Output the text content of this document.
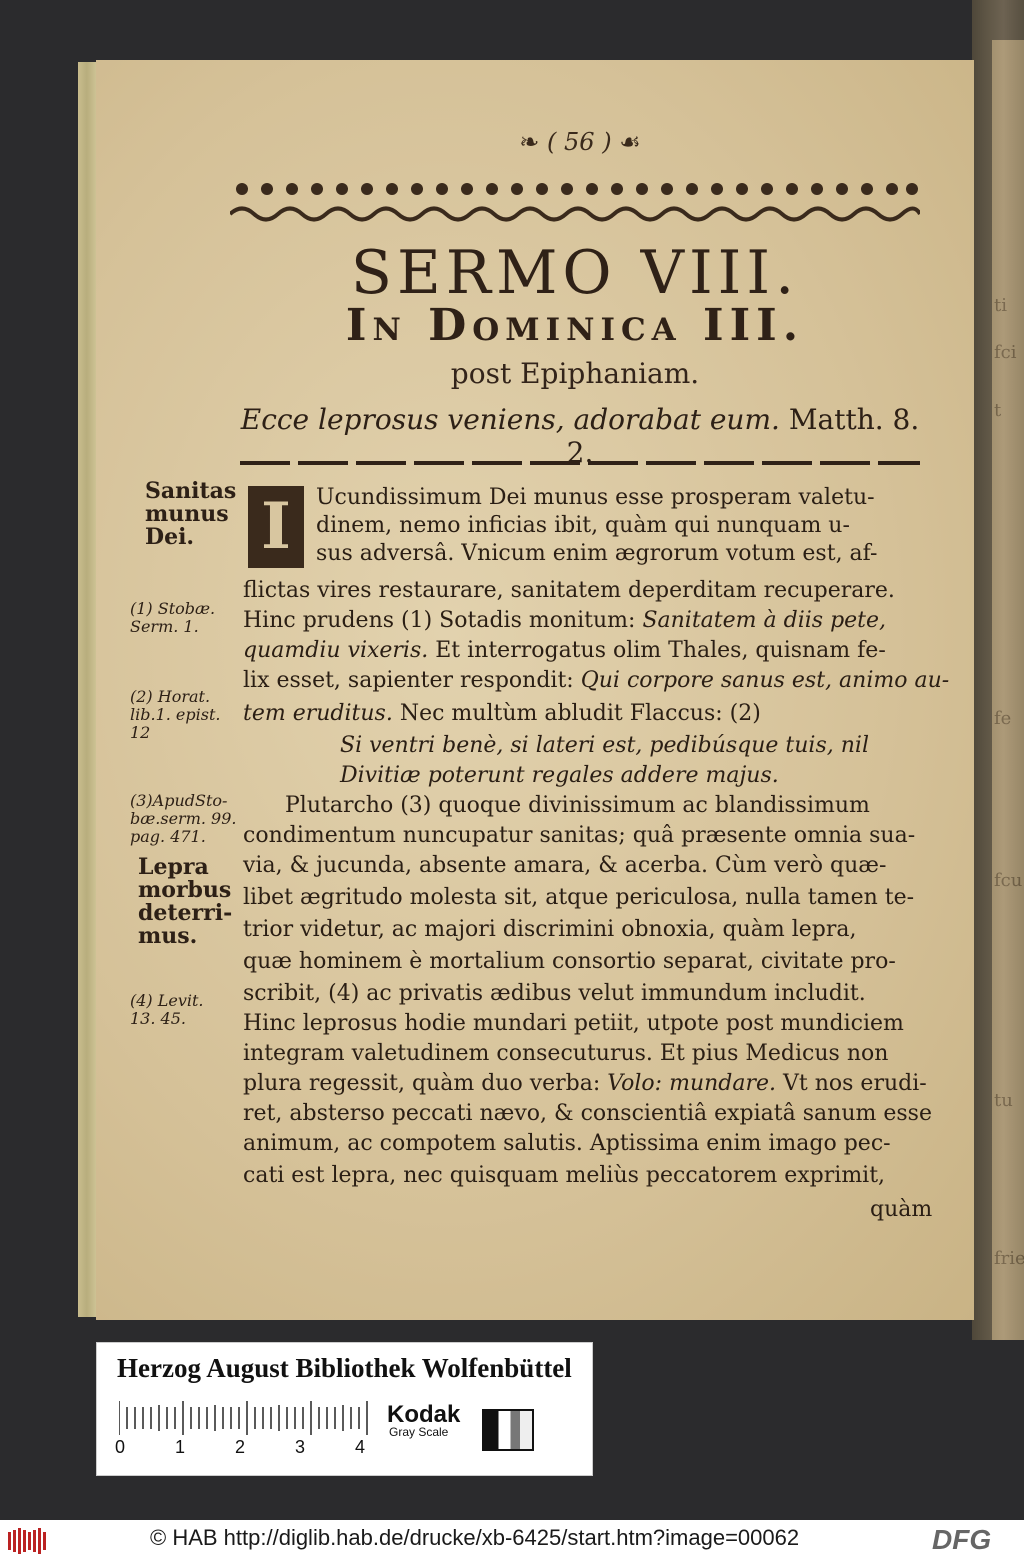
❧ ( 56 ) ☙
SERMO VIII.
In Dominica III.
post Epiphaniam.
Ecce leprosus veniens, adorabat eum. Matth. 8. 2.
Sanitas
munus
Dei.
(1) Stobæ.
Serm. 1.
(2) Horat.
lib.1. epist.
12
(3)ApudSto-
bæ.serm. 99.
pag. 471.
Lepra
morbus
deterri-
mus.
(4) Levit.
13. 45.
I	Ucundissimum Dei munus esse prosperam valetu-
dinem, nemo inficias ibit, quàm qui nunquam u-
sus adversâ. Vnicum enim ægrorum votum est, af-
flictas vires restaurare, sanitatem deperditam recuperare.
Hinc prudens (1) Sotadis monitum: Sanitatem à diis pete,
quamdiu vixeris. Et interrogatus olim Thales, quisnam fe-
lix esset, sapienter respondit: Qui corpore sanus est, animo au-
tem eruditus. Nec multùm abludit Flaccus: (2)
Si ventri benè, si lateri est, pedibúsque tuis, nil
Divitiæ poterunt regales addere majus.
Plutarcho (3) quoque divinissimum ac blandissimum
condimentum nuncupatur sanitas; quâ præsente omnia sua-
via, & jucunda, absente amara, & acerba. Cùm verò quæ-
libet ægritudo molesta sit, atque periculosa, nulla tamen te-
trior videtur, ac majori discrimini obnoxia, quàm lepra,
quæ hominem è mortalium consortio separat, civitate pro-
scribit, (4) ac privatis ædibus velut immundum includit.
Hinc leprosus hodie mundari petiit, utpote post mundiciem
integram valetudinem consecuturus. Et pius Medicus non
plura regessit, quàm duo verba: Volo: mundare. Vt nos erudi-
ret, absterso peccati nævo, & conscientiâ expiatâ sanum esse
animum, ac compotem salutis. Aptissima enim imago pec-
cati est lepra, nec quisquam meliùs peccatorem exprimit,
quàm
Herzog August Bibliothek Wolfenbüttel
0	1	2	3	4
Kodak
Gray Scale
© HAB http://diglib.hab.de/drucke/xb-6425/start.htm?image=00062	DFG
